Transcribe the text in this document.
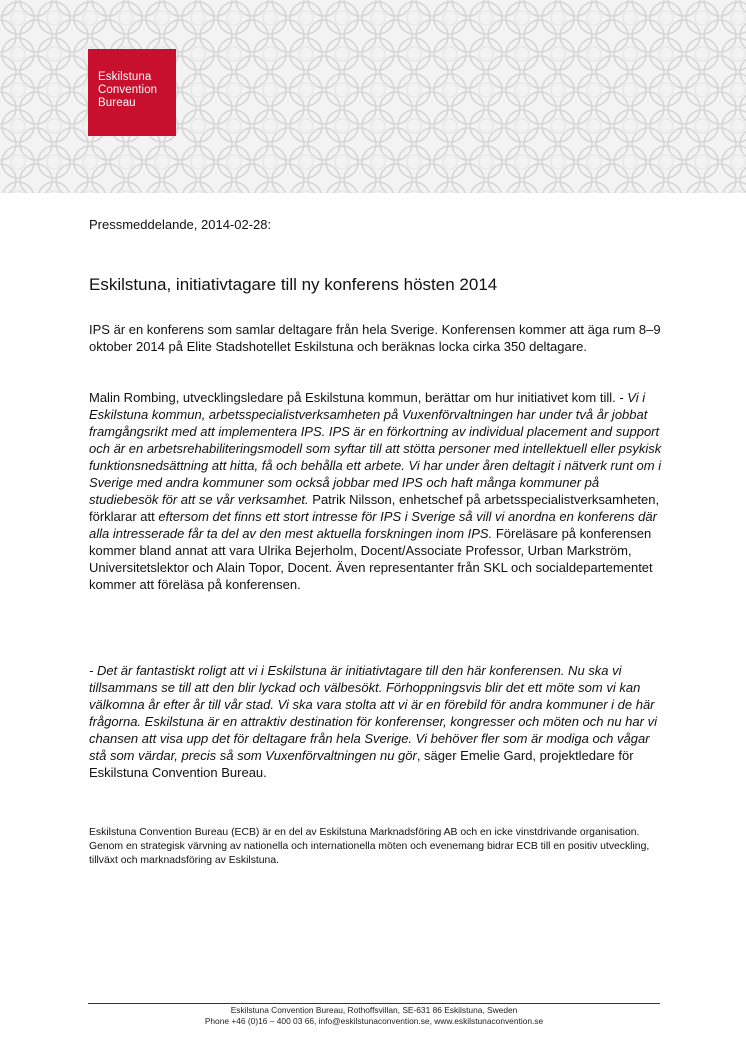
Eskilstuna
Convention
Bureau
Pressmeddelande, 2014-02-28:
Eskilstuna, initiativtagare till ny konferens hösten 2014

IPS är en konferens som samlar deltagare från hela Sverige. Konferensen kommer att äga rum 8–9 oktober 2014 på Elite Stadshotellet Eskilstuna och beräknas locka cirka 350 deltagare.

Malin Rombing, utvecklingsledare på Eskilstuna kommun, berättar om hur initiativet kom till. - Vi i Eskilstuna kommun, arbetsspecialistverksamheten på Vuxenförvaltningen har under två år jobbat framgångsrikt med att implementera IPS. IPS är en förkortning av individual placement and support och är en arbetsrehabiliteringsmodell som syftar till att stötta personer med intellektuell eller psykisk funktionsnedsättning att hitta, få och behålla ett arbete. Vi har under åren deltagit i nätverk runt om i Sverige med andra kommuner som också jobbar med IPS och haft många kommuner på studiebesök för att se vår verksamhet. Patrik Nilsson, enhetschef på arbetsspecialistverksamheten, förklarar att eftersom det finns ett stort intresse för IPS i Sverige så vill vi anordna en konferens där alla intresserade får ta del av den mest aktuella forskningen inom IPS. Föreläsare på konferensen kommer bland annat att vara Ulrika Bejerholm, Docent/Associate Professor, Urban Markström, Universitetslektor och Alain Topor, Docent. Även representanter från SKL och socialdepartementet kommer att föreläsa på konferensen.

- Det är fantastiskt roligt att vi i Eskilstuna är initiativtagare till den här konferensen. Nu ska vi tillsammans se till att den blir lyckad och välbesökt. Förhoppningsvis blir det ett möte som vi kan välkomna år efter år till vår stad. Vi ska vara stolta att vi är en förebild för andra kommuner i de här frågorna. Eskilstuna är en attraktiv destination för konferenser, kongresser och möten och nu har vi chansen att visa upp det för deltagare från hela Sverige. Vi behöver fler som är modiga och vågar stå som värdar, precis så som Vuxenförvaltningen nu gör, säger Emelie Gard, projektledare för Eskilstuna Convention Bureau.

Eskilstuna Convention Bureau (ECB) är en del av Eskilstuna Marknadsföring AB och en icke vinstdrivande organisation. Genom en strategisk värvning av nationella och internationella möten och evenemang bidrar ECB till en positiv utveckling, tillväxt och marknadsföring av Eskilstuna.

Eskilstuna Convention Bureau, Rothoffsvillan, SE-631 86 Eskilstuna, Sweden
Phone +46 (0)16 – 400 03 66, info@eskilstunaconvention.se, www.eskilstunaconvention.se
